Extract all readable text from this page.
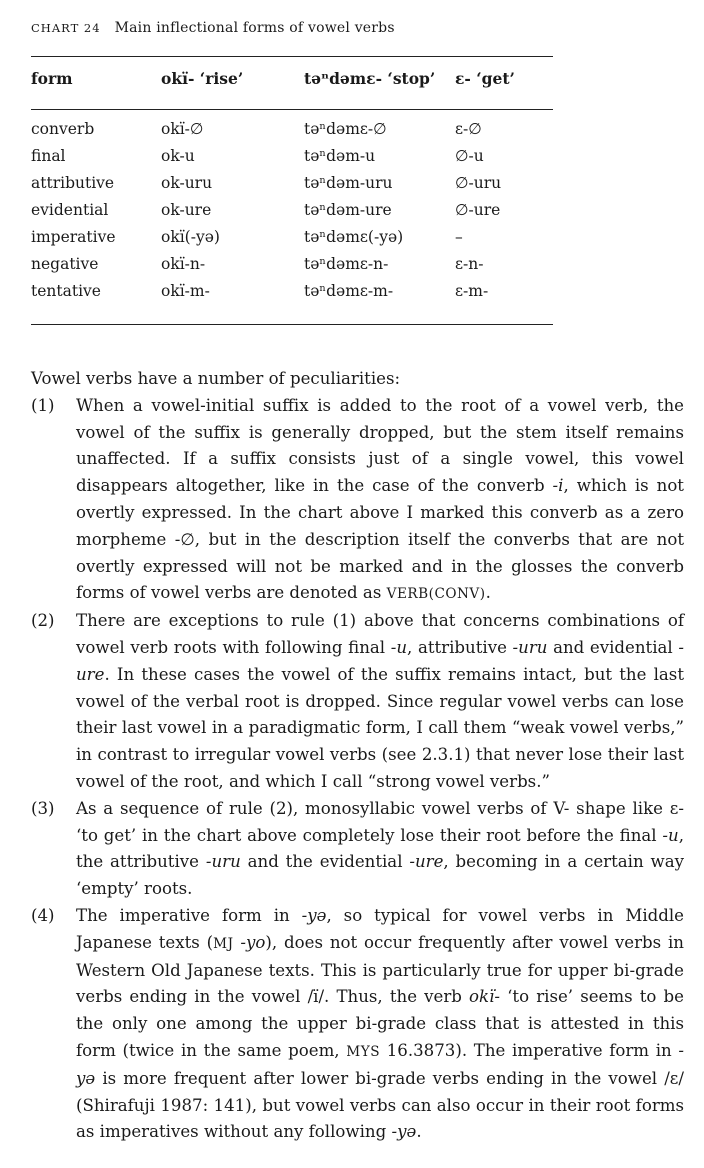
CHART 24 Main inflectional forms of vowel verbs
form	okï- ‘rise’	təⁿdəmɛ- ‘stop’	ɛ- ‘get’

converb	okï-∅	təⁿdəmɛ-∅	ɛ-∅
final	ok-u	təⁿdəm-u	∅-u
attributive	ok-uru	təⁿdəm-uru	∅-uru
evidential	ok-ure	təⁿdəm-ure	∅-ure
imperative	okï(-yə)	təⁿdəmɛ(-yə)	–
negative	okï-n-	təⁿdəmɛ-n-	ɛ-n-
tentative	okï-m-	təⁿdəmɛ-m-	ɛ-m-

Vowel verbs have a number of peculiarities:

(1)	When a vowel-initial suffix is added to the root of a vowel verb, the vowel of the suffix is generally dropped, but the stem itself remains unaffected. If a suffix consists just of a single vowel, this vowel disappears altogether, like in the case of the converb -i, which is not overtly expressed. In the chart above I marked this converb as a zero morpheme -∅, but in the description itself the converbs that are not overtly expressed will not be marked and in the glosses the converb forms of vowel verbs are denoted as VERB(CONV).
(2)	There are exceptions to rule (1) above that concerns combinations of vowel verb roots with following final -u, attributive -uru and evidential -ure. In these cases the vowel of the suffix remains intact, but the last vowel of the verbal root is dropped. Since regular vowel verbs can lose their last vowel in a paradigmatic form, I call them “weak vowel verbs,” in contrast to irregular vowel verbs (see 2.3.1) that never lose their last vowel of the root, and which I call “strong vowel verbs.”
(3)	As a sequence of rule (2), monosyllabic vowel verbs of V- shape like ɛ- ‘to get’ in the chart above completely lose their root before the final -u, the attributive -uru and the evidential -ure, becoming in a certain way ‘empty’ roots.
(4)	The imperative form in -yə, so typical for vowel verbs in Middle Japanese texts (MJ -yo), does not occur frequently after vowel verbs in Western Old Japanese texts. This is particularly true for upper bi-grade verbs ending in the vowel /ï/. Thus, the verb okï- ‘to rise’ seems to be the only one among the upper bi-grade class that is attested in this form (twice in the same poem, MYS 16.3873). The imperative form in -yə is more frequent after lower bi-grade verbs ending in the vowel /ɛ/ (Shirafuji 1987: 141), but vowel verbs can also occur in their root forms as imperatives without any following -yə.
